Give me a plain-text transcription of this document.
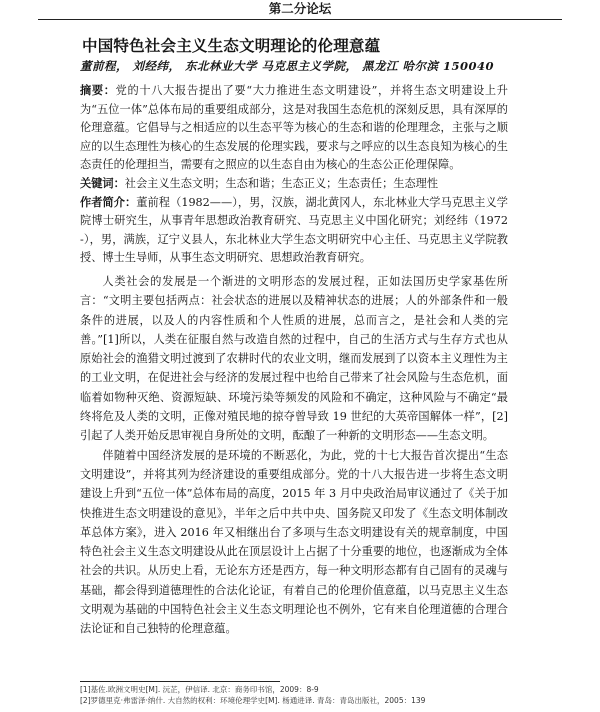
第二分论坛
中国特色社会主义生态文明理论的伦理意蕴

董前程， 刘经纬， 东北林业大学 马克思主义学院， 黑龙江 哈尔滨 150040

摘要：党的十八大报告提出了要“大力推进生态文明建设”，并将生态文明建设上升为“五位一体”总体布局的重要组成部分，这是对我国生态危机的深刻反思，具有深厚的伦理意蕴。它倡导与之相适应的以生态平等为核心的生态和谐的伦理理念，主张与之顺应的以生态理性为核心的生态发展的伦理实践，要求与之呼应的以生态良知为核心的生态责任的伦理担当，需要有之照应的以生态自由为核心的生态公正伦理保障。

关键词：社会主义生态文明；生态和谐；生态正义；生态责任；生态理性

作者简介：董前程（1982——），男，汉族，湖北黄冈人，东北林业大学马克思主义学院博士研究生，从事青年思想政治教育研究、马克思主义中国化研究；刘经纬（1972 -），男，满族，辽宁义县人，东北林业大学生态文明研究中心主任、马克思主义学院教授、博士生导师，从事生态文明研究、思想政治教育研究。

人类社会的发展是一个渐进的文明形态的发展过程，正如法国历史学家基佐所言：“文明主要包括两点：社会状态的进展以及精神状态的进展；人的外部条件和一般条件的进展，以及人的内容性质和个人性质的进展，总而言之，是社会和人类的完善。”[1]所以，人类在征服自然与改造自然的过程中，自己的生活方式与生存方式也从原始社会的渔猎文明过渡到了农耕时代的农业文明，继而发展到了以资本主义理性为主的工业文明，在促进社会与经济的发展过程中也给自己带来了社会风险与生态危机，面临着如物种灭绝、资源短缺、环境污染等频发的风险和不确定，这种风险与不确定“最终将危及人类的文明，正像对殖民地的掠夺曾导致 19 世纪的大英帝国解体一样”，[2]引起了人类开始反思审视自身所处的文明，酝酿了一种新的文明形态——生态文明。

伴随着中国经济发展的是环境的不断恶化，为此，党的十七大报告首次提出“生态文明建设”，并将其列为经济建设的重要组成部分。党的十八大报告进一步将生态文明建设上升到“五位一体”总体布局的高度，2015 年 3 月中央政治局审议通过了《关于加快推进生态文明建设的意见》，半年之后中共中央、国务院又印发了《生态文明体制改革总体方案》，进入 2016 年又相继出台了多项与生态文明建设有关的规章制度，中国特色社会主义生态文明建设从此在顶层设计上占据了十分重要的地位，也逐渐成为全体社会的共识。从历史上看，无论东方还是西方，每一种文明形态都有自己固有的灵魂与基础，都会得到道德理性的合法化论证，有着自己的伦理价值意蕴，以马克思主义生态文明观为基础的中国特色社会主义生态文明理论也不例外，它有来自伦理道德的合理合法论证和自己独特的伦理意蕴。

[1]基佐.欧洲文明史[M]. 沅芷，伊信译. 北京：商务印书馆，2009：8-9
[2]罗德里克·弗雷泽·纳什. 大自然的权利：环境伦理学史[M]. 杨通进译. 青岛：青岛出版社，2005：139
